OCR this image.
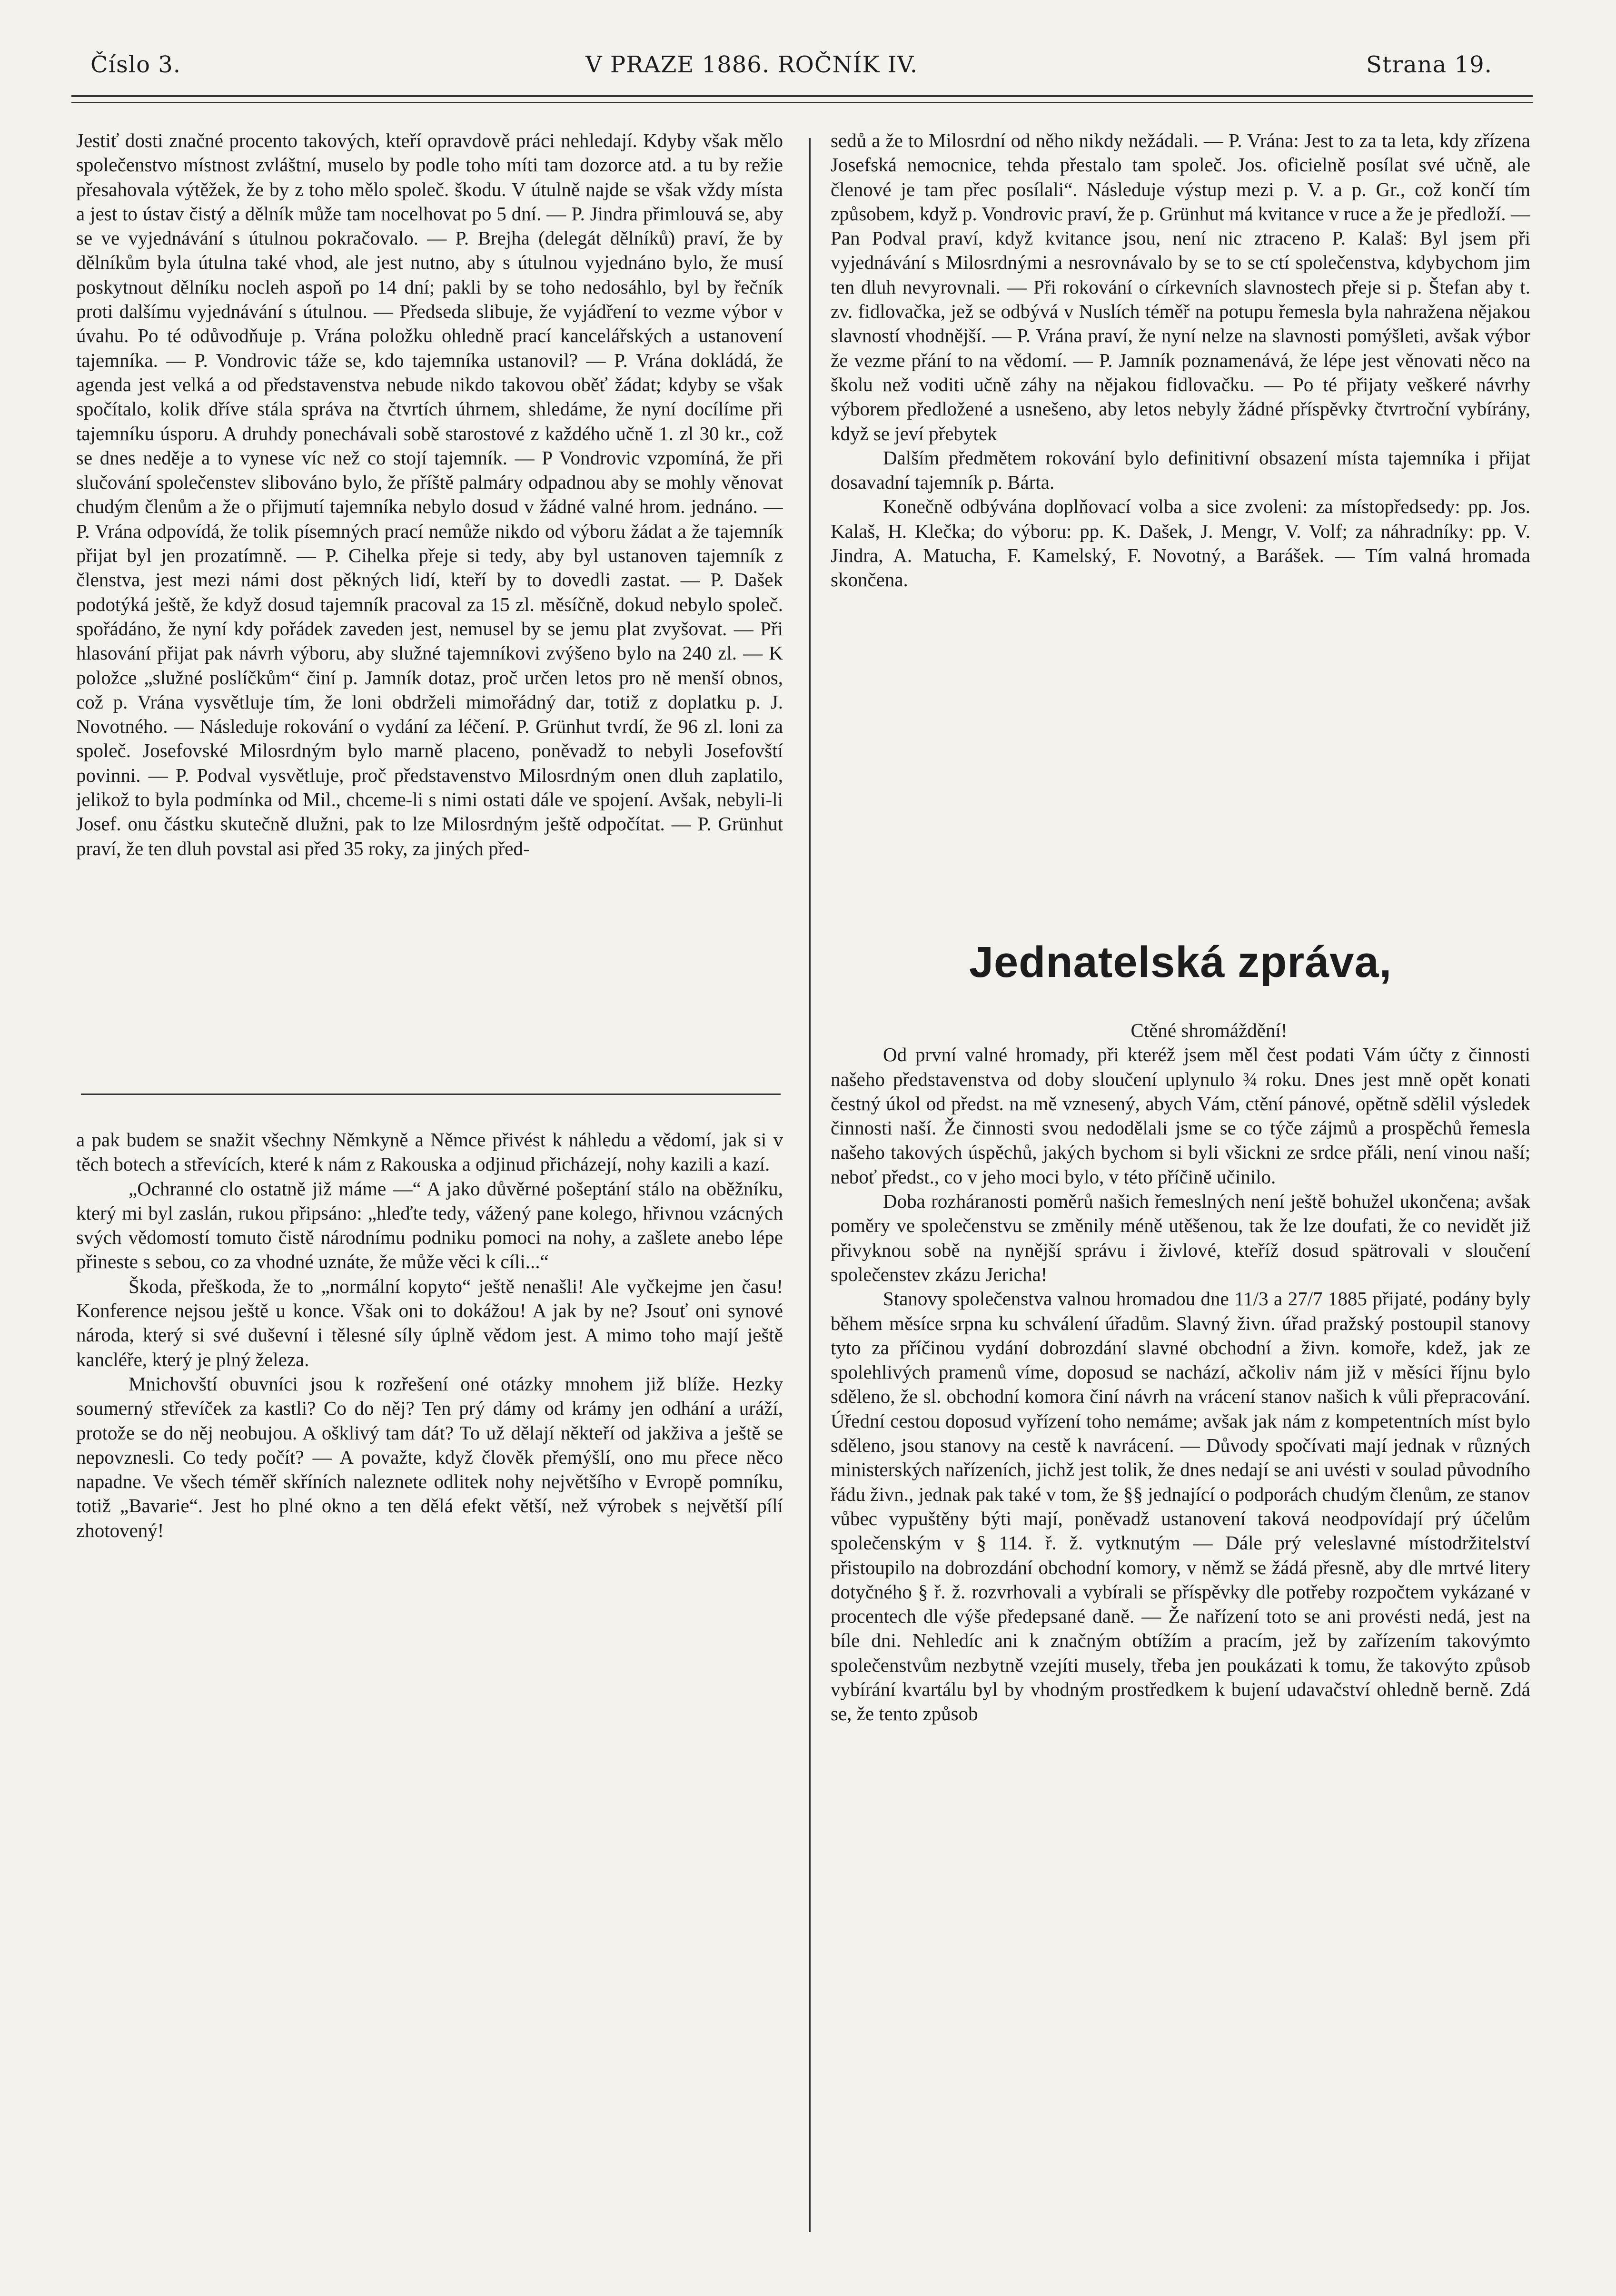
Číslo 3.	V PRAZE 1886. ROČNÍK IV.	Strana 19.

Jestiť dosti značné procento takových, kteří opravdově práci nehledají. Kdyby však mělo společenstvo místnost zvláštní, muselo by podle toho míti tam dozorce atd. a tu by režie přesahovala výtěžek, že by z toho mělo společ. škodu. V útulně najde se však vždy místa a jest to ústav čistý a dělník může tam nocelhovat po 5 dní. — P. Jindra přimlouvá se, aby se ve vyjednávání s útulnou pokračovalo. — P. Brejha (delegát dělníků) praví, že by dělníkům byla útulna také vhod, ale jest nutno, aby s útulnou vyjednáno bylo, že musí poskytnout dělníku nocleh aspoň po 14 dní; pakli by se toho nedosáhlo, byl by řečník proti dalšímu vyjednávání s útulnou. — Předseda slibuje, že vyjádření to vezme výbor v úvahu. Po té odůvodňuje p. Vrána položku ohledně prací kancelářských a ustanovení tajemníka. — P. Vondrovic táže se, kdo tajemníka ustanovil? — P. Vrána dokládá, že agenda jest velká a od představenstva nebude nikdo takovou oběť žádat; kdyby se však spočítalo, kolik dříve stála správa na čtvrtích úhrnem, shledáme, že nyní docílíme při tajemníku úsporu. A druhdy ponechávali sobě starostové z každého učně 1. zl 30 kr., což se dnes neděje a to vynese víc než co stojí tajemník. — P Vondrovic vzpomíná, že při slučování společenstev slibováno bylo, že příště palmáry odpadnou aby se mohly věnovat chudým členům a že o přijmutí tajemníka nebylo dosud v žádné valné hrom. jednáno. — P. Vrána odpovídá, že tolik písemných prací nemůže nikdo od výboru žádat a že tajemník přijat byl jen prozatímně. — P. Cihelka přeje si tedy, aby byl ustanoven tajemník z členstva, jest mezi námi dost pěkných lidí, kteří by to dovedli zastat. — P. Dašek podotýká ještě, že když dosud tajemník pracoval za 15 zl. měsíčně, dokud nebylo společ. spořádáno, že nyní kdy pořádek zaveden jest, nemusel by se jemu plat zvyšovat. — Při hlasování přijat pak návrh výboru, aby služné tajemníkovi zvýšeno bylo na 240 zl. — K položce „služné poslíčkům“ činí p. Jamník dotaz, proč určen letos pro ně menší obnos, což p. Vrána vysvětluje tím, že loni obdrželi mimořádný dar, totiž z doplatku p. J. Novotného. — Následuje rokování o vydání za léčení. P. Grünhut tvrdí, že 96 zl. loni za společ. Josefovské Milosrdným bylo marně placeno, poněvadž to nebyli Josefovští povinni. — P. Podval vysvětluje, proč představenstvo Milosrdným onen dluh zaplatilo, jelikož to byla podmínka od Mil., chceme-li s nimi ostati dále ve spojení. Avšak, nebyli-li Josef. onu částku skutečně dlužni, pak to lze Milosrdným ještě odpočítat. — P. Grünhut praví, že ten dluh povstal asi před 35 roky, za jiných před-

a pak budem se snažit všechny Němkyně a Němce přivést k náhledu a vědomí, jak si v těch botech a střevících, které k nám z Rakouska a odjinud přicházejí, nohy kazili a kazí.

„Ochranné clo ostatně již máme —“ A jako důvěrné pošeptání stálo na oběžníku, který mi byl zaslán, rukou připsáno: „hleďte tedy, vážený pane kolego, hřivnou vzácných svých vědomostí tomuto čistě národnímu podniku pomoci na nohy, a zašlete anebo lépe přineste s sebou, co za vhodné uznáte, že může věci k cíli...“

Škoda, přeškoda, že to „normální kopyto“ ještě nenašli! Ale vyčkejme jen času! Konference nejsou ještě u konce. Však oni to dokážou! A jak by ne? Jsouť oni synové národa, který si své duševní i tělesné síly úplně vědom jest. A mimo toho mají ještě kancléře, který je plný železa.

Mnichovští obuvníci jsou k rozřešení oné otázky mnohem již blíže. Hezky soumerný střevíček za kastli? Co do něj? Ten prý dámy od krámy jen odhání a uráží, protože se do něj neobujou. A ošklivý tam dát? To už dělají někteří od jakživa a ještě se nepovznesli. Co tedy počít? — A považte, když člověk přemýšlí, ono mu přece něco napadne. Ve všech téměř skříních naleznete odlitek nohy největšího v Evropě pomníku, totiž „Bavarie“. Jest ho plné okno a ten dělá efekt větší, než výrobek s největší pílí zhotovený!

sedů a že to Milosrdní od něho nikdy nežádali. — P. Vrána: Jest to za ta leta, kdy zřízena Josefská nemocnice, tehda přestalo tam společ. Jos. oficielně posílat své učně, ale členové je tam přec posílali“. Následuje výstup mezi p. V. a p. Gr., což končí tím způsobem, když p. Vondrovic praví, že p. Grünhut má kvitance v ruce a že je předloží. — Pan Podval praví, když kvitance jsou, není nic ztraceno P. Kalaš: Byl jsem při vyjednávání s Milosrdnými a nesrovnávalo by se to se ctí společenstva, kdybychom jim ten dluh nevyrovnali. — Při rokování o církevních slavnostech přeje si p. Štefan aby t. zv. fidlovačka, jež se odbývá v Nuslích téměř na potupu řemesla byla nahražena nějakou slavností vhodnější. — P. Vrána praví, že nyní nelze na slavnosti pomýšleti, avšak výbor že vezme přání to na vědomí. — P. Jamník poznamenává, že lépe jest věnovati něco na školu než voditi učně záhy na nějakou fidlovačku. — Po té přijaty veškeré návrhy výborem předložené a usnešeno, aby letos nebyly žádné příspěvky čtvrtroční vybírány, když se jeví přebytek

Dalším předmětem rokování bylo definitivní obsazení místa tajemníka i přijat dosavadní tajemník p. Bárta.

Konečně odbývána doplňovací volba a sice zvoleni: za místopředsedy: pp. Jos. Kalaš, H. Klečka; do výboru: pp. K. Dašek, J. Mengr, V. Volf; za náhradníky: pp. V. Jindra, A. Matucha, F. Kamelský, F. Novotný, a Barášek. — Tím valná hromada skončena.

Jednatelská zpráva,

Ctěné shromáždění!

Od první valné hromady, při kteréž jsem měl čest podati Vám účty z činnosti našeho představenstva od doby sloučení uplynulo ¾ roku. Dnes jest mně opět konati čestný úkol od předst. na mě vznesený, abych Vám, ctění pánové, opětně sdělil výsledek činnosti naší. Že činnosti svou nedodělali jsme se co týče zájmů a prospěchů řemesla našeho takových úspěchů, jakých bychom si byli všickni ze srdce přáli, není vinou naší; neboť předst., co v jeho moci bylo, v této příčině učinilo.

Doba rozháranosti poměrů našich řemeslných není ještě bohužel ukončena; avšak poměry ve společenstvu se změnily méně utěšenou, tak že lze doufati, že co nevidět již přivyknou sobě na nynější správu i živlové, kteříž dosud spätrovali v sloučení společenstev zkázu Jericha!

Stanovy společenstva valnou hromadou dne 11/3 a 27/7 1885 přijaté, podány byly během měsíce srpna ku schválení úřadům. Slavný živn. úřad pražský postoupil stanovy tyto za příčinou vydání dobrozdání slavné obchodní a živn. komoře, kdež, jak ze spolehlivých pramenů víme, doposud se nachází, ačkoliv nám již v měsíci říjnu bylo sděleno, že sl. obchodní komora činí návrh na vrácení stanov našich k vůli přepracování. Úřední cestou doposud vyřízení toho nemáme; avšak jak nám z kompetentních míst bylo sděleno, jsou stanovy na cestě k navrácení. — Důvody spočívati mají jednak v různých ministerských nařízeních, jichž jest tolik, že dnes nedají se ani uvésti v soulad původního řádu živn., jednak pak také v tom, že §§ jednající o podporách chudým členům, ze stanov vůbec vypuštěny býti mají, poněvadž ustanovení taková neodpovídají prý účelům společenským v § 114. ř. ž. vytknutým — Dále prý veleslavné místodržitelství přistoupilo na dobrozdání obchodní komory, v němž se žádá přesně, aby dle mrtvé litery dotyčného § ř. ž. rozvrhovali a vybírali se příspěvky dle potřeby rozpočtem vykázané v procentech dle výše předepsané daně. — Že nařízení toto se ani provésti nedá, jest na bíle dni. Nehledíc ani k značným obtížím a pracím, jež by zařízením takovýmto společenstvům nezbytně vzejíti musely, třeba jen poukázati k tomu, že takovýto způsob vybírání kvartálu byl by vhodným prostředkem k bujení udavačství ohledně berně. Zdá se, že tento způsob
